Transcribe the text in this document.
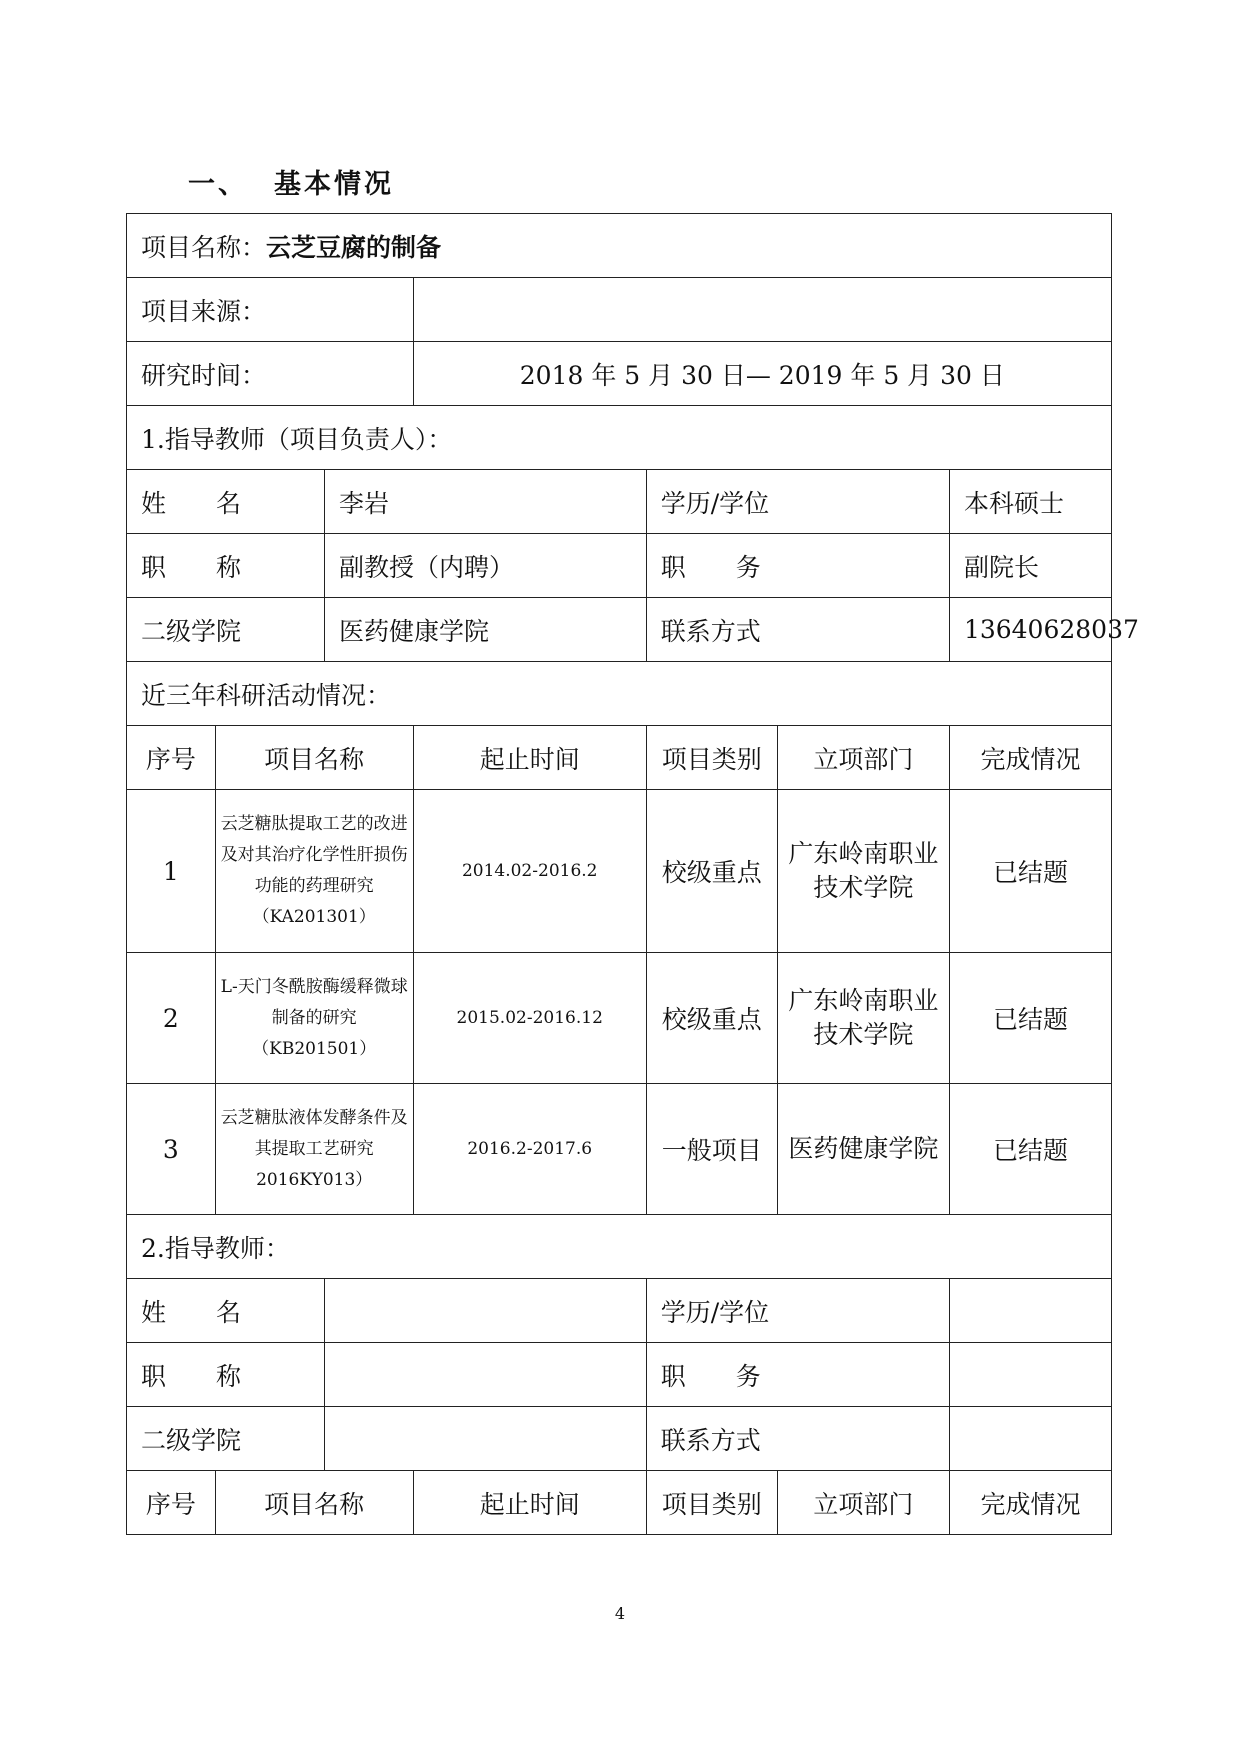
一、 基本情况
项目名称：云芝豆腐的制备						
项目来源：						
研究时间：			2018 年 5 月 30 日— 2019 年 5 月 30 日			
1.指导教师（项目负责人）：						
姓　　名		李岩		学历/学位		本科硕士
职　　称		副教授（内聘）		职　　务		副院长
二级学院		医药健康学院		联系方式		13640628037
近三年科研活动情况：						
序号	项目名称		起止时间	项目类别	立项部门	完成情况
1	云芝糖肽提取工艺的改进及对其治疗化学性肝损伤功能的药理研究（KA201301）		2014.02-2016.2	校级重点	广东岭南职业技术学院	已结题
2	L-天门冬酰胺酶缓释微球制备的研究（KB201501）		2015.02-2016.12	校级重点	广东岭南职业技术学院	已结题
3	云芝糖肽液体发酵条件及其提取工艺研究 2016KY013）		2016.2-2017.6	一般项目	医药健康学院	已结题
2.指导教师：						
姓　　名				学历/学位		
职　　称				职　　务		
二级学院				联系方式		
序号	项目名称		起止时间	项目类别	立项部门	完成情况
4
